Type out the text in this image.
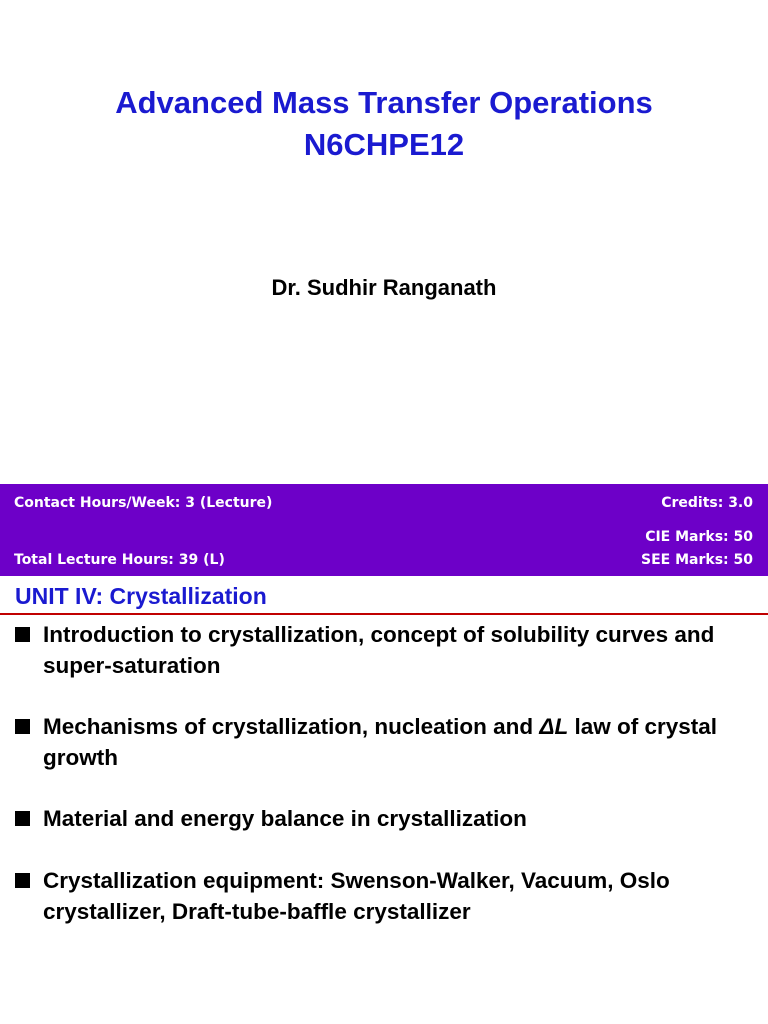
Advanced Mass Transfer Operations
N6CHPE12
Dr. Sudhir Ranganath
Contact Hours/Week: 3 (Lecture)
Total Lecture Hours: 39 (L)
Credits: 3.0
CIE Marks: 50
SEE Marks: 50
UNIT IV: Crystallization
Introduction to crystallization, concept of solubility curves and super-saturation
Mechanisms of crystallization, nucleation and ΔL law of crystal growth
Material and energy balance in crystallization
Crystallization equipment: Swenson-Walker, Vacuum, Oslo crystallizer, Draft-tube-baffle crystallizer
